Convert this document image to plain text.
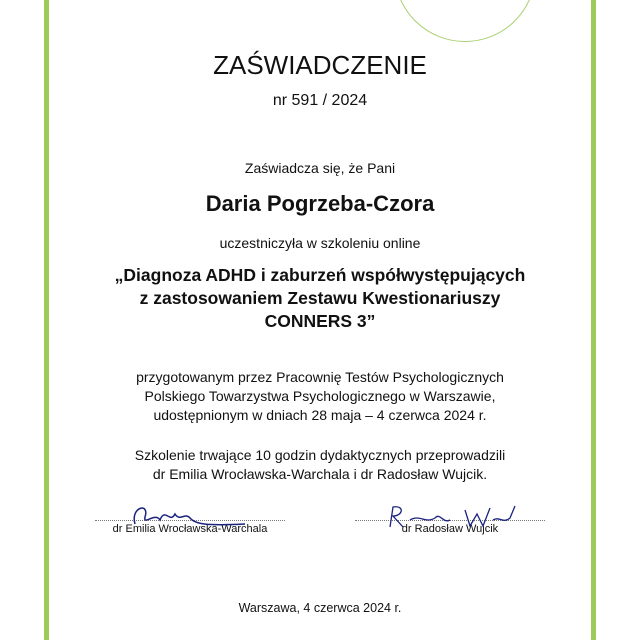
ZAŚWIADCZENIE
nr 591 / 2024
Zaświadcza się, że Pani
Daria Pogrzeba-Czora
uczestniczyła w szkoleniu online
„Diagnoza ADHD i zaburzeń współwystępujących
z zastosowaniem Zestawu Kwestionariuszy
CONNERS 3”
przygotowanym przez Pracownię Testów Psychologicznych
Polskiego Towarzystwa Psychologicznego w Warszawie,
udostępnionym w dniach 28 maja – 4 czerwca 2024 r.
Szkolenie trwające 10 godzin dydaktycznych przeprowadzili
dr Emilia Wrocławska-Warchala i dr Radosław Wujcik.
dr Emilia Wrocławska-Warchala	dr Radosław Wujcik
Warszawa, 4 czerwca 2024 r.
